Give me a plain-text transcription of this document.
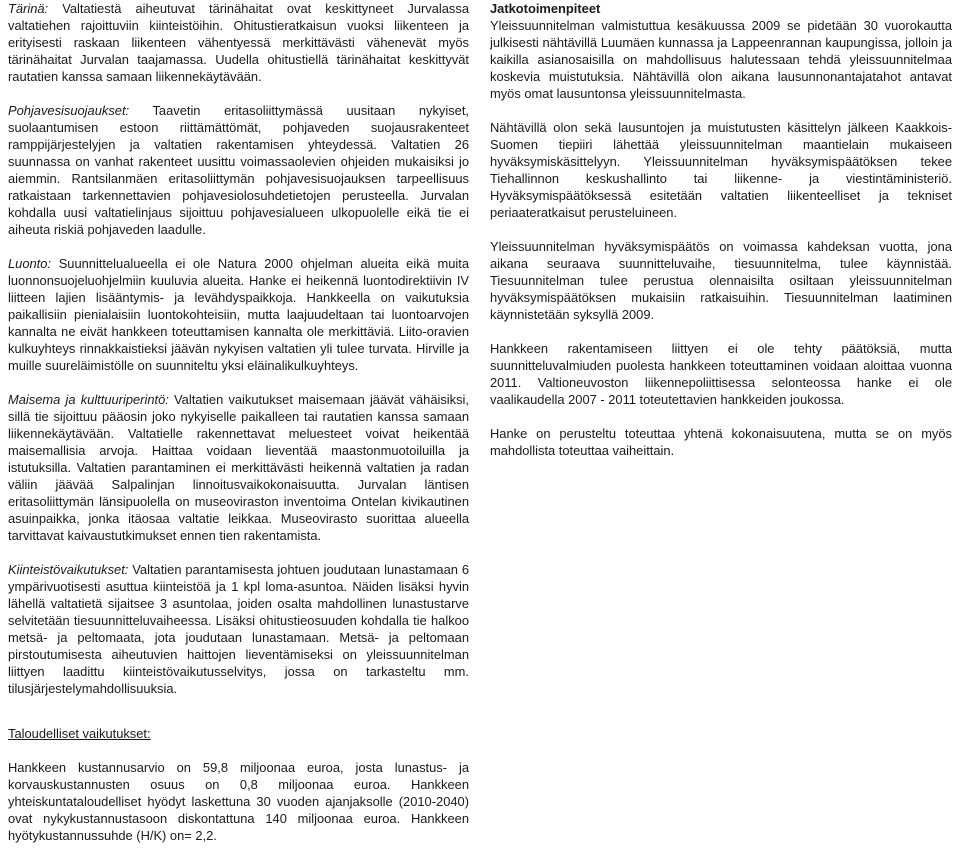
Tärinä: Valtatiestä aiheutuvat tärinähaitat ovat keskittyneet Jurvalassa valtatiehen rajoittuviin kiinteistöihin. Ohitustieratkaisun vuoksi liikenteen ja erityisesti raskaan liikenteen vähentyessä merkittävästi vähenevät myös tärinähaitat Jurvalan taajamassa. Uudella ohitustiellä tärinähaitat keskittyvät rautatien kanssa samaan liikennekäytävään.

Pohjavesisuojaukset: Taavetin eritasoliittymässä uusitaan nykyiset, suolaantumisen estoon riittämättömät, pohjaveden suojausrakenteet ramppijärjestelyjen ja valtatien rakentamisen yhteydessä. Valtatien 26 suunnassa on vanhat rakenteet uusittu voimassaolevien ohjeiden mukaisiksi jo aiemmin. Rantsilanmäen eritasoliittymän pohjavesisuojauksen tarpeellisuus ratkaistaan tarkennettavien pohjavesiolosuhdetietojen perusteella. Jurvalan kohdalla uusi valtatielinjaus sijoittuu pohjavesialueen ulkopuolelle eikä tie ei aiheuta riskiä pohjaveden laadulle.

Luonto: Suunnittelualueella ei ole Natura 2000 ohjelman alueita eikä muita luonnonsuojeluohjelmiin kuuluvia alueita. Hanke ei heikennä luontodirektiivin IV liitteen lajien lisääntymis- ja levähdyspaikkoja. Hankkeella on vaikutuksia paikallisiin pienialaisiin luontokohteisiin, mutta laajuudeltaan tai luontoarvojen kannalta ne eivät hankkeen toteuttamisen kannalta ole merkittäviä. Liito-oravien kulkuyhteys rinnakkaistieksi jäävän nykyisen valtatien yli tulee turvata. Hirville ja muille suureläimistölle on suunniteltu yksi eläinalikulkuyhteys.

Maisema ja kulttuuriperintö: Valtatien vaikutukset maisemaan jäävät vähäisiksi, sillä tie sijoittuu pääosin joko nykyiselle paikalleen tai rautatien kanssa samaan liikennekäytävään. Valtatielle rakennettavat meluesteet voivat heikentää maisemallisia arvoja. Haittaa voidaan lieventää maastonmuotoiluilla ja istutuksilla. Valtatien parantaminen ei merkittävästi heikennä valtatien ja radan väliin jäävää Salpalinjan linnoitusvaikokonaisuutta. Jurvalan läntisen eritasoliittymän länsipuolella on museoviraston inventoima Ontelan kivikautinen asuinpaikka, jonka itäosaa valtatie leikkaa. Museovirasto suorittaa alueella tarvittavat kaivaustutkimukset ennen tien rakentamista.

Kiinteistövaikutukset: Valtatien parantamisesta johtuen joudutaan lunastamaan 6 ympärivuotisesti asuttua kiinteistöä ja 1 kpl loma-asuntoa. Näiden lisäksi hyvin lähellä valtatietä sijaitsee 3 asuntolaa, joiden osalta mahdollinen lunastustarve selvitetään tiesuunnitteluvaiheessa. Lisäksi ohitustieosuuden kohdalla tie halkoo metsä- ja peltomaata, jota joudutaan lunastamaan. Metsä- ja peltomaan pirstoutumisesta aiheutuvien haittojen lieventämiseksi on yleissuunnitelman liittyen laadittu kiinteistövaikutusselvitys, jossa on tarkasteltu mm. tilusjärjestelymahdollisuuksia.

Taloudelliset vaikutukset:

Hankkeen kustannusarvio on 59,8 miljoonaa euroa, josta lunastus- ja korvauskustannusten osuus on 0,8 miljoonaa euroa. Hankkeen yhteiskuntataloudelliset hyödyt laskettuna 30 vuoden ajanjaksolle (2010-2040) ovat nykykustannustasoon diskontattuna 140 miljoonaa euroa. Hankkeen hyötykustannussuhde (H/K) on= 2,2.

Jatkotoimenpiteet

Yleissuunnitelman valmistuttua kesäkuussa 2009 se pidetään 30 vuorokautta julkisesti nähtävillä Luumäen kunnassa ja Lappeenrannan kaupungissa, jolloin ja kaikilla asianosaisilla on mahdollisuus halutessaan tehdä yleissuunnitelmaa koskevia muistutuksia. Nähtävillä olon aikana lausunnonantajatahot antavat myös omat lausuntonsa yleissuunnitelmasta.

Nähtävillä olon sekä lausuntojen ja muistutusten käsittelyn jälkeen Kaakkois-Suomen tiepiiri lähettää yleissuunnitelman maantielain mukaiseen hyväksymiskäsittelyyn. Yleissuunnitelman hyväksymispäätöksen tekee Tiehallinnon keskushallinto tai liikenne- ja viestintäministeriö. Hyväksymispäätöksessä esitetään valtatien liikenteelliset ja tekniset periaateratkaisut perusteluineen.

Yleissuunnitelman hyväksymispäätös on voimassa kahdeksan vuotta, jona aikana seuraava suunnitteluvaihe, tiesuunnitelma, tulee käynnistää. Tiesuunnitelman tulee perustua olennaisilta osiltaan yleissuunnitelman hyväksymispäätöksen mukaisiin ratkaisuihin. Tiesuunnitelman laatiminen käynnistetään syksyllä 2009.

Hankkeen rakentamiseen liittyen ei ole tehty päätöksiä, mutta suunnitteluvalmiuden puolesta hankkeen toteuttaminen voidaan aloittaa vuonna 2011. Valtioneuvoston liikennepoliittisessa selonteossa hanke ei ole vaalikaudella 2007 - 2011 toteutettavien hankkeiden joukossa.

Hanke on perusteltu toteuttaa yhtenä kokonaisuutena, mutta se on myös mahdollista toteuttaa vaiheittain.
